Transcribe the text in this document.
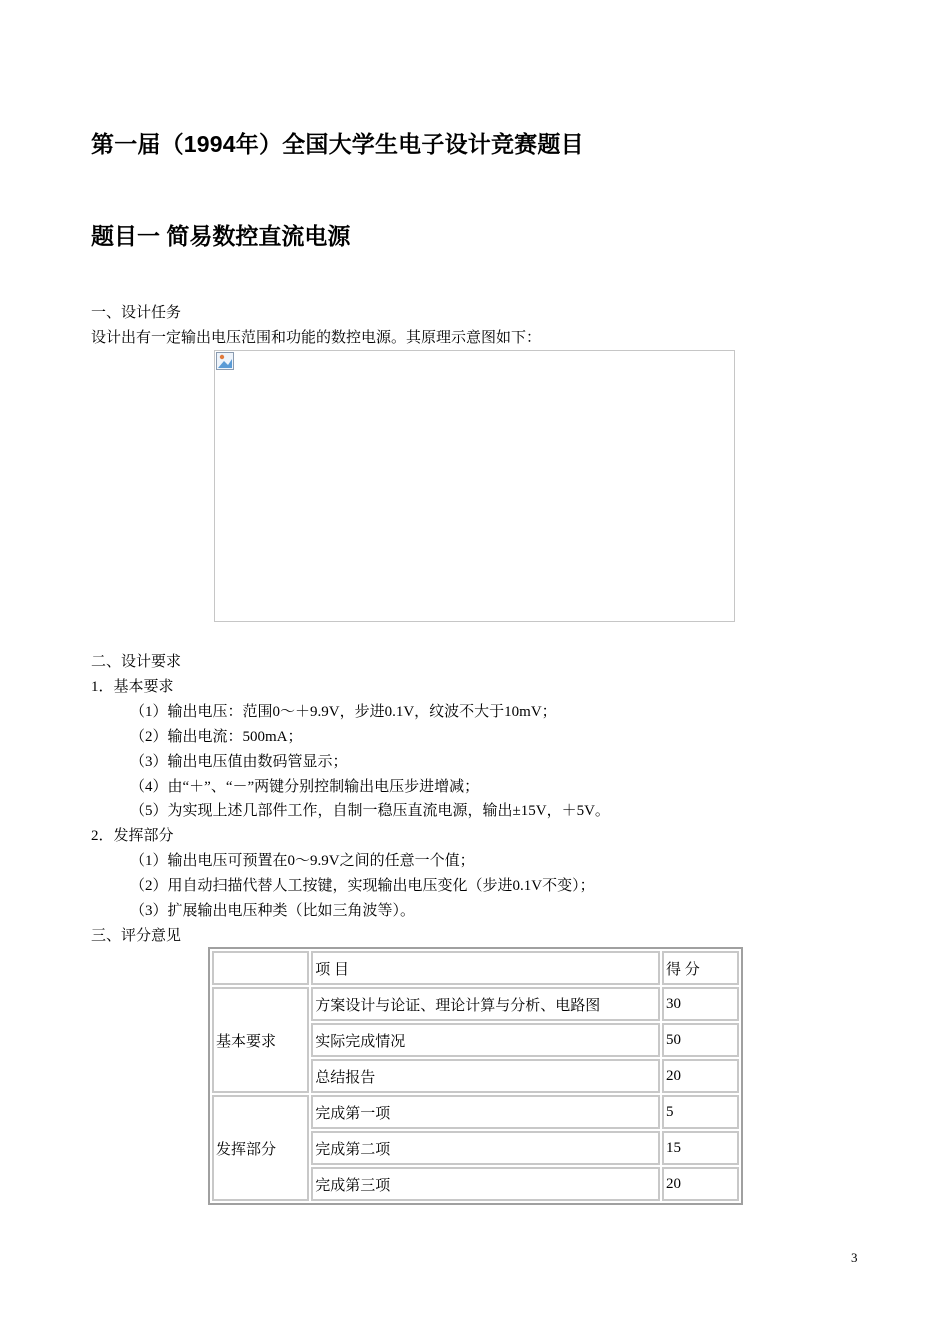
第一届（1994年）全国大学生电子设计竞赛题目
题目一 简易数控直流电源
一、设计任务
设计出有一定输出电压范围和功能的数控电源。其原理示意图如下：
二、设计要求
1．基本要求
（1）输出电压：范围0～＋9.9V，步进0.1V，纹波不大于10mV；
（2）输出电流：500mA；
（3）输出电压值由数码管显示；
（4）由“＋”、“－”两键分别控制输出电压步进增减；
（5）为实现上述几部件工作，自制一稳压直流电源，输出±15V，＋5V。
2．发挥部分
（1）输出电压可预置在0～9.9V之间的任意一个值；
（2）用自动扫描代替人工按键，实现输出电压变化（步进0.1V不变）；
（3）扩展输出电压种类（比如三角波等）。
三、评分意见
	项 目	得 分
基本要求	方案设计与论证、理论计算与分析、电路图	30
	实际完成情况	50
	总结报告	20
发挥部分	完成第一项	5
	完成第二项	15
	完成第三项	20
3
